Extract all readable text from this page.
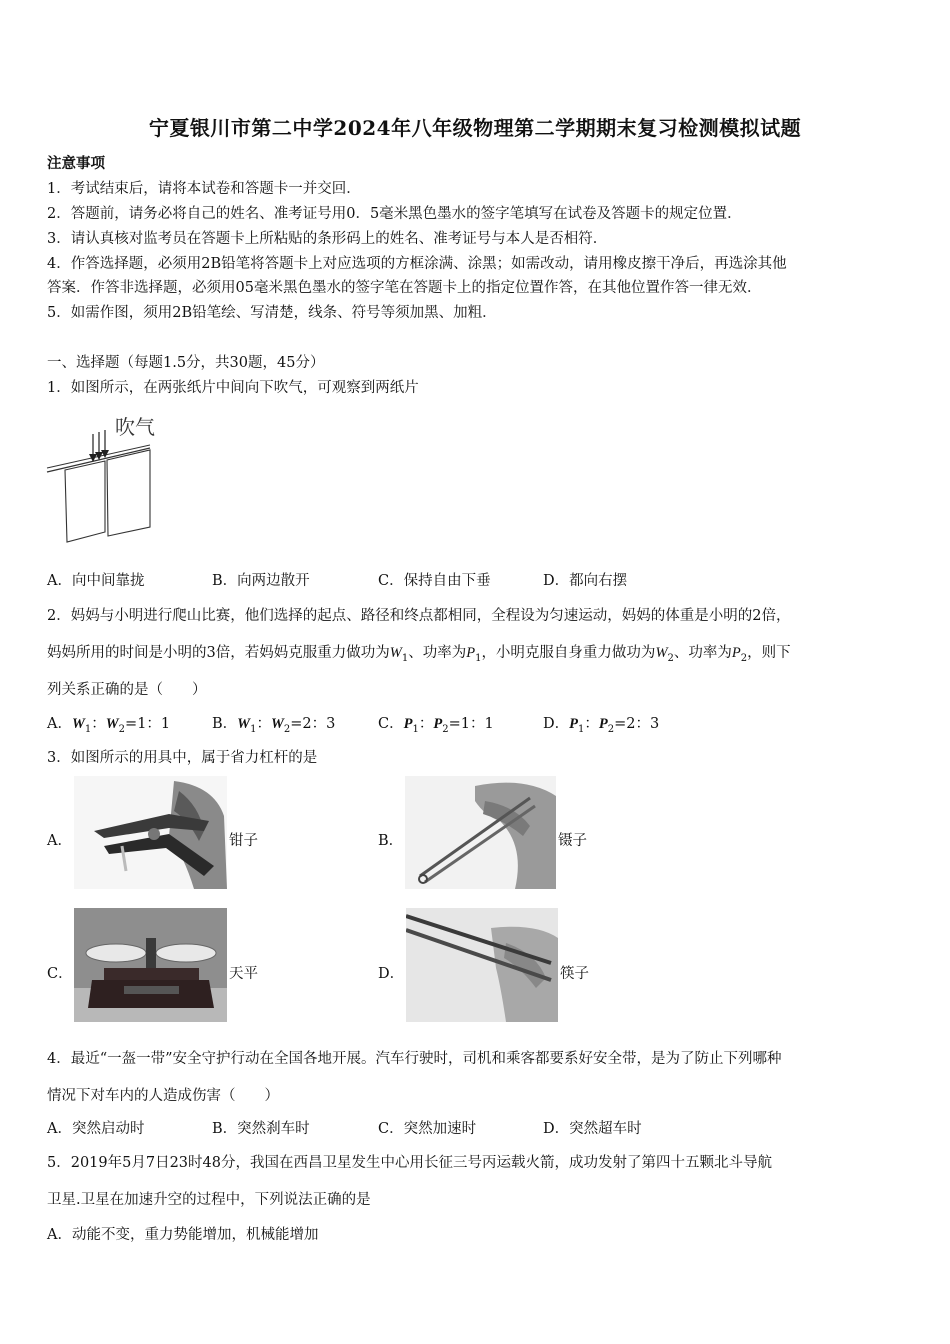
宁夏银川市第二中学2024年八年级物理第二学期期末复习检测模拟试题
注意事项
1．考试结束后，请将本试卷和答题卡一并交回．
2．答题前，请务必将自己的姓名、准考证号用0．5毫米黑色墨水的签字笔填写在试卷及答题卡的规定位置．
3．请认真核对监考员在答题卡上所粘贴的条形码上的姓名、准考证号与本人是否相符．
4．作答选择题，必须用2B铅笔将答题卡上对应选项的方框涂满、涂黑；如需改动，请用橡皮擦干净后，再选涂其他
答案．作答非选择题，必须用05毫米黑色墨水的签字笔在答题卡上的指定位置作答，在其他位置作答一律无效．
5．如需作图，须用2B铅笔绘、写清楚，线条、符号等须加黑、加粗．
一、选择题（每题1.5分，共30题，45分）
1．如图所示，在两张纸片中间向下吹气，可观察到两纸片
吹气
A．向中间靠拢	B．向两边散开	C．保持自由下垂	D．都向右摆
2．妈妈与小明进行爬山比赛，他们选择的起点、路径和终点都相同，全程设为匀速运动，妈妈的体重是小明的2倍，
妈妈所用的时间是小明的3倍，若妈妈克服重力做功为$W_1$、功率为$P_1$，小明克服自身重力做功为$W_2$、功率为$P_2$，则下
列关系正确的是（　　）
A．$W_1$：$W_2=1$：1	B．$W_1$：$W_2=2$：3	C．$P_1$：$P_2=1$：1	D．$P_1$：$P_2=2$：3
3．如图所示的用具中，属于省力杠杆的是
A．	钳子	B．	镊子
C．	天平	D．	筷子
4．最近“一盔一带”安全守护行动在全国各地开展。汽车行驶时，司机和乘客都要系好安全带，是为了防止下列哪种
情况下对车内的人造成伤害（　　）
A．突然启动时	B．突然刹车时	C．突然加速时	D．突然超车时
5．2019年5月7日23时48分，我国在西昌卫星发生中心用长征三号丙运载火箭，成功发射了第四十五颗北斗导航
卫星.卫星在加速升空的过程中，下列说法正确的是
A．动能不变，重力势能增加，机械能增加
